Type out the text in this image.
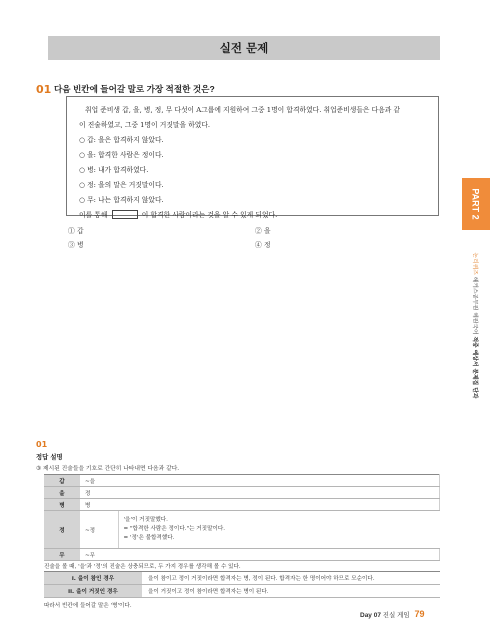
실전 문제
01 다음 빈칸에 들어갈 말로 가장 적절한 것은?
취업 준비생 갑, 을, 병, 정, 무 다섯이 A그룹에 지원하여 그중 1명이 합격하였다. 취업준비생들은 다음과 같
이 진술하였고, 그중 1명이 거짓말을 하였다.
○ 갑: 을은 합격하지 않았다.
○ 을: 합격한 사람은 정이다.
○ 병: 내가 합격하였다.
○ 정: 을의 말은 거짓말이다.
○ 무: 나는 합격하지 않았다.
이를 통해	이 합격한 사람이라는 것을 알 수 있게 되었다.
① 갑	② 을
③ 병	④ 정
PART 2
논리퀴즈 해커스공무원 혜원국어 적중 예상서 문제집 단과
01
정답 설명
③ 제시된 진술들을 기호로 간단히 나타내면 다음과 같다.
갑	~을	
을	정	
병	병	
정	~정	'을'이 거짓말했다.
= "합격한 사람은 정이다."는 거짓말이다.
= '정'은 불합격했다.

무	~무	
진술을 볼 때, '을'과 '정'의 진술은 상충되므로, 두 가지 경우를 생각해 볼 수 있다.
i. 을이 참인 경우	을이 참이고 정이 거짓이라면 합격자는 병, 정이 된다. 합격자는 한 명이어야 하므로 모순이다.
ii. 을이 거짓인 경우	을이 거짓이고 정이 참이라면 합격자는 병이 된다.
따라서 빈칸에 들어갈 말은 '병'이다.
Day 07 진실 게임 79
